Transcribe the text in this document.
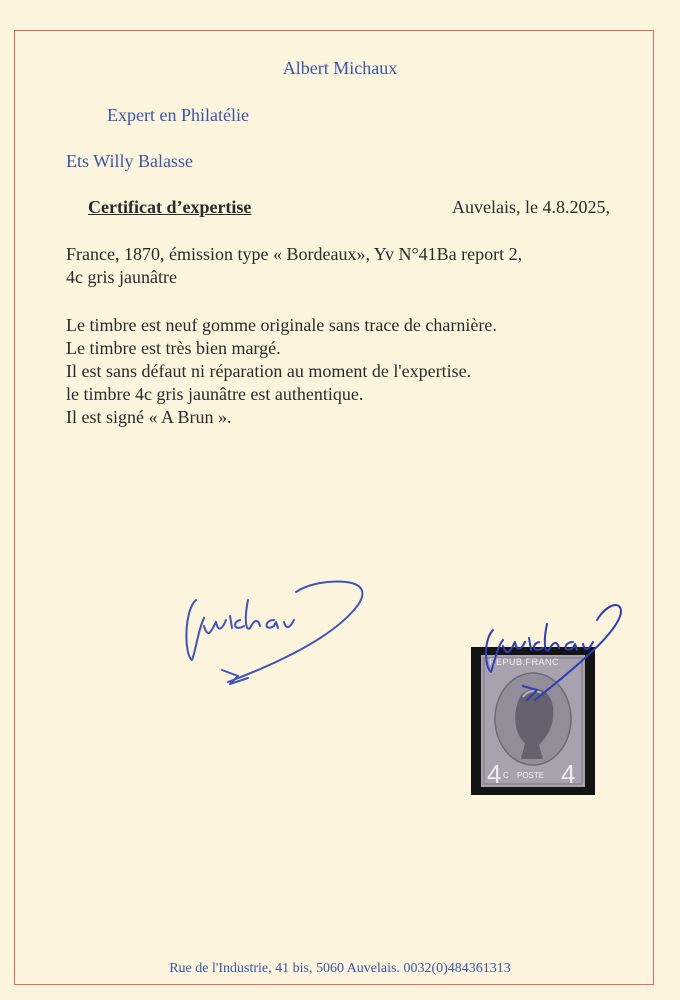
Albert Michaux
Expert en Philatélie
Ets Willy Balasse
Certificat d’expertise	Auvelais, le 4.8.2025,
France, 1870, émission type « Bordeaux», Yv N°41Ba report 2,
4c gris jaunâtre
Le timbre est neuf gomme originale sans trace de charnière.
Le timbre est très bien margé.
Il est sans défaut ni réparation au moment de l'expertise.
le timbre 4c gris jaunâtre est authentique.
Il est signé « A Brun ».
REPUB.FRANC
4 C POSTE 4
Rue de l'Industrie, 41 bis, 5060 Auvelais. 0032(0)484361313
